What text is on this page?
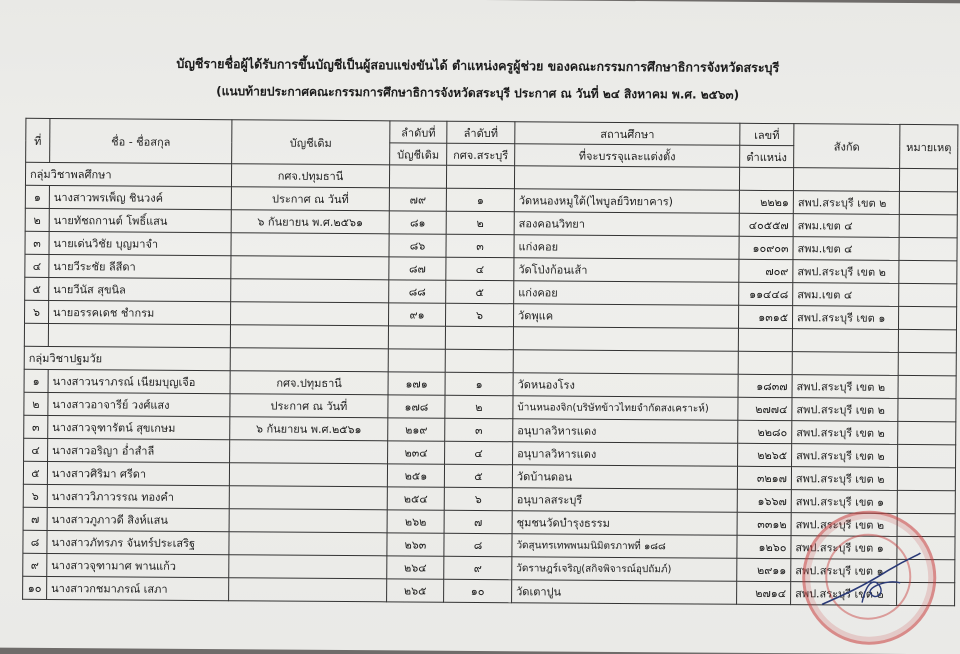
บัญชีรายชื่อผู้ได้รับการขึ้นบัญชีเป็นผู้สอบแข่งขันได้ ตำแหน่งครูผู้ช่วย ของคณะกรรมการศึกษาธิการจังหวัดสระบุรี
(แนบท้ายประกาศคณะกรรมการศึกษาธิการจังหวัดสระบุรี ประกาศ ณ วันที่ ๒๔ สิงหาคม พ.ศ. ๒๕๖๓)
ที่	ชื่อ - ชื่อสกุล	บัญชีเดิม	ลำดับที่	ลำดับที่	สถานศึกษา	เลขที่	สังกัด	หมายเหตุ
			บัญชีเดิม	กศจ.สระบุรี	ที่จะบรรจุและแต่งตั้ง	ตำแหน่ง		
กลุ่มวิชาพลศึกษา		กศจ.ปทุมธานี						
๑	นางสาวพรเพ็ญ ชินวงค์	ประกาศ ณ วันที่	๗๙	๑	วัดหนองหมูใต้(ไพบูลย์วิทยาคาร)	๒๒๒๑	สพป.สระบุรี เขต ๒	
๒	นายทัชถกานต์ โพธิ์แสน	๖ กันยายน พ.ศ.๒๕๖๑	๘๑	๒	สองคอนวิทยา	๔๐๕๕๗	สพม.เขต ๔	
๓	นายเด่นวิชัย บุญมาจำ		๘๖	๓	แก่งคอย	๑๐๙๐๓	สพม.เขต ๔	
๔	นายวีระชัย ลีสีดา		๘๗	๔	วัดโป่งก้อนเส้า	๗๐๙	สพป.สระบุรี เขต ๒	
๕	นายวีนัส สุขนิล		๘๘	๕	แก่งคอย	๑๑๔๔๘	สพม.เขต ๔	
๖	นายอรรคเดช ชำกรม		๙๑	๖	วัดพุแค	๑๓๑๕	สพป.สระบุรี เขต ๑	

กลุ่มวิชาปฐมวัย								
๑	นางสาวนราภรณ์ เนียมบุญเจือ	กศจ.ปทุมธานี	๑๗๑	๑	วัดหนองโรง	๑๘๓๗	สพป.สระบุรี เขต ๒	
๒	นางสาวอาจารีย์ วงศ์แสง	ประกาศ ณ วันที่	๑๗๘	๒	บ้านหนองจิก(บริษัทข้าวไทยจำกัดสงเคราะห์)	๒๗๗๔	สพป.สระบุรี เขต ๒	
๓	นางสาวจุฑารัตน์ สุขเกษม	๖ กันยายน พ.ศ.๒๕๖๑	๒๑๙	๓	อนุบาลวิหารแดง	๒๒๘๐	สพป.สระบุรี เขต ๒	
๔	นางสาวอริญา อ่ำสำลี		๒๓๔	๔	อนุบาลวิหารแดง	๒๒๖๕	สพป.สระบุรี เขต ๒	
๕	นางสาวศิริมา ศรีดา		๒๕๑	๕	วัดบ้านดอน	๓๒๑๗	สพป.สระบุรี เขต ๒	
๖	นางสาววิภาวรรณ ทองคำ		๒๕๔	๖	อนุบาลสระบุรี	๑๖๖๗	สพป.สระบุรี เขต ๑	
๗	นางสาวภูภาวดี สิงห์แสน		๒๖๒	๗	ชุมชนวัดบำรุงธรรม	๓๓๑๒	สพป.สระบุรี เขต ๒	
๘	นางสาวภัทรภร จันทร์ประเสริฐ		๒๖๓	๘	วัดสุนทรเทพพนมนิมิตรภาพที่ ๑๘๘	๑๒๖๐	สพป.สระบุรี เขต ๑	
๙	นางสาวจุฑามาศ พานแก้ว		๒๖๔	๙	วัดราษฎร์เจริญ(สกิจพิจารณ์อุปถัมภ์)	๒๙๑๑	สพป.สระบุรี เขต ๑	
๑๐	นางสาวกชมาภรณ์ เสภา		๒๖๕	๑๐	วัดเตาปูน	๒๗๑๔	สพป.สระบุรี เขต ๒	
